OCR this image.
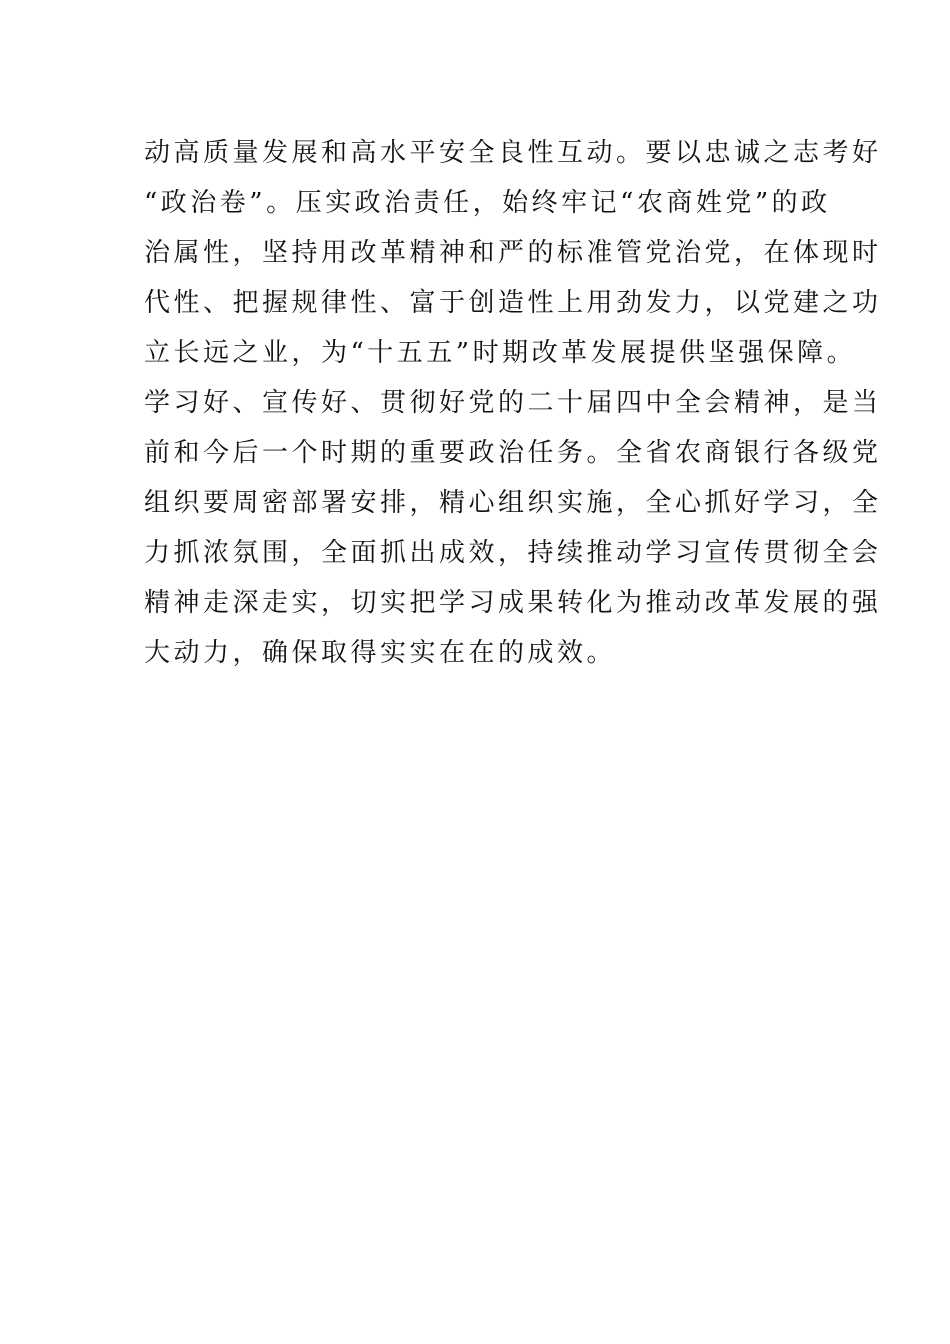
动高质量发展和高水平安全良性互动。要以忠诚之志考好
“政治卷”。压实政治责任，始终牢记“农商姓党”的政
治属性，坚持用改革精神和严的标准管党治党，在体现时
代性、把握规律性、富于创造性上用劲发力，以党建之功
立长远之业，为“十五五”时期改革发展提供坚强保障。
学习好、宣传好、贯彻好党的二十届四中全会精神，是当
前和今后一个时期的重要政治任务。全省农商银行各级党
组织要周密部署安排，精心组织实施，全心抓好学习，全
力抓浓氛围，全面抓出成效，持续推动学习宣传贯彻全会
精神走深走实，切实把学习成果转化为推动改革发展的强
大动力，确保取得实实在在的成效。
